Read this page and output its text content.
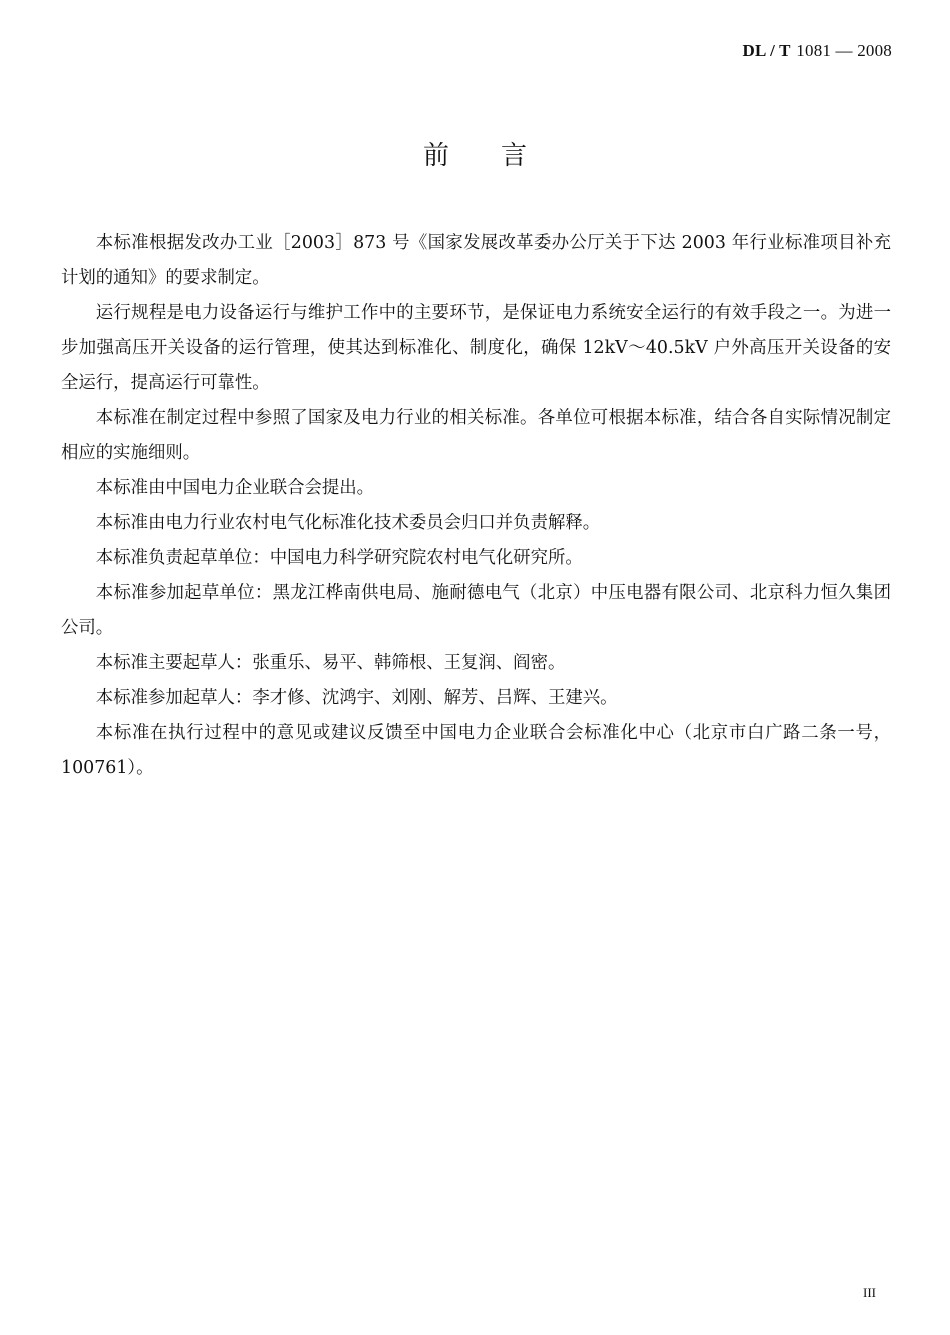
DL / T 1081 — 2008
前 言

本标准根据发改办工业［2003］873 号《国家发展改革委办公厅关于下达 2003 年行业标准项目补充计划的通知》的要求制定。

运行规程是电力设备运行与维护工作中的主要环节，是保证电力系统安全运行的有效手段之一。为进一步加强高压开关设备的运行管理，使其达到标准化、制度化，确保 12kV～40.5kV 户外高压开关设备的安全运行，提高运行可靠性。

本标准在制定过程中参照了国家及电力行业的相关标准。各单位可根据本标准，结合各自实际情况制定相应的实施细则。

本标准由中国电力企业联合会提出。

本标准由电力行业农村电气化标准化技术委员会归口并负责解释。

本标准负责起草单位：中国电力科学研究院农村电气化研究所。

本标准参加起草单位：黑龙江桦南供电局、施耐德电气（北京）中压电器有限公司、北京科力恒久集团公司。

本标准主要起草人：张重乐、易平、韩筛根、王复润、阎密。

本标准参加起草人：李才修、沈鸿宇、刘刚、解芳、吕辉、王建兴。

本标准在执行过程中的意见或建议反馈至中国电力企业联合会标准化中心（北京市白广路二条一号，100761）。

III
